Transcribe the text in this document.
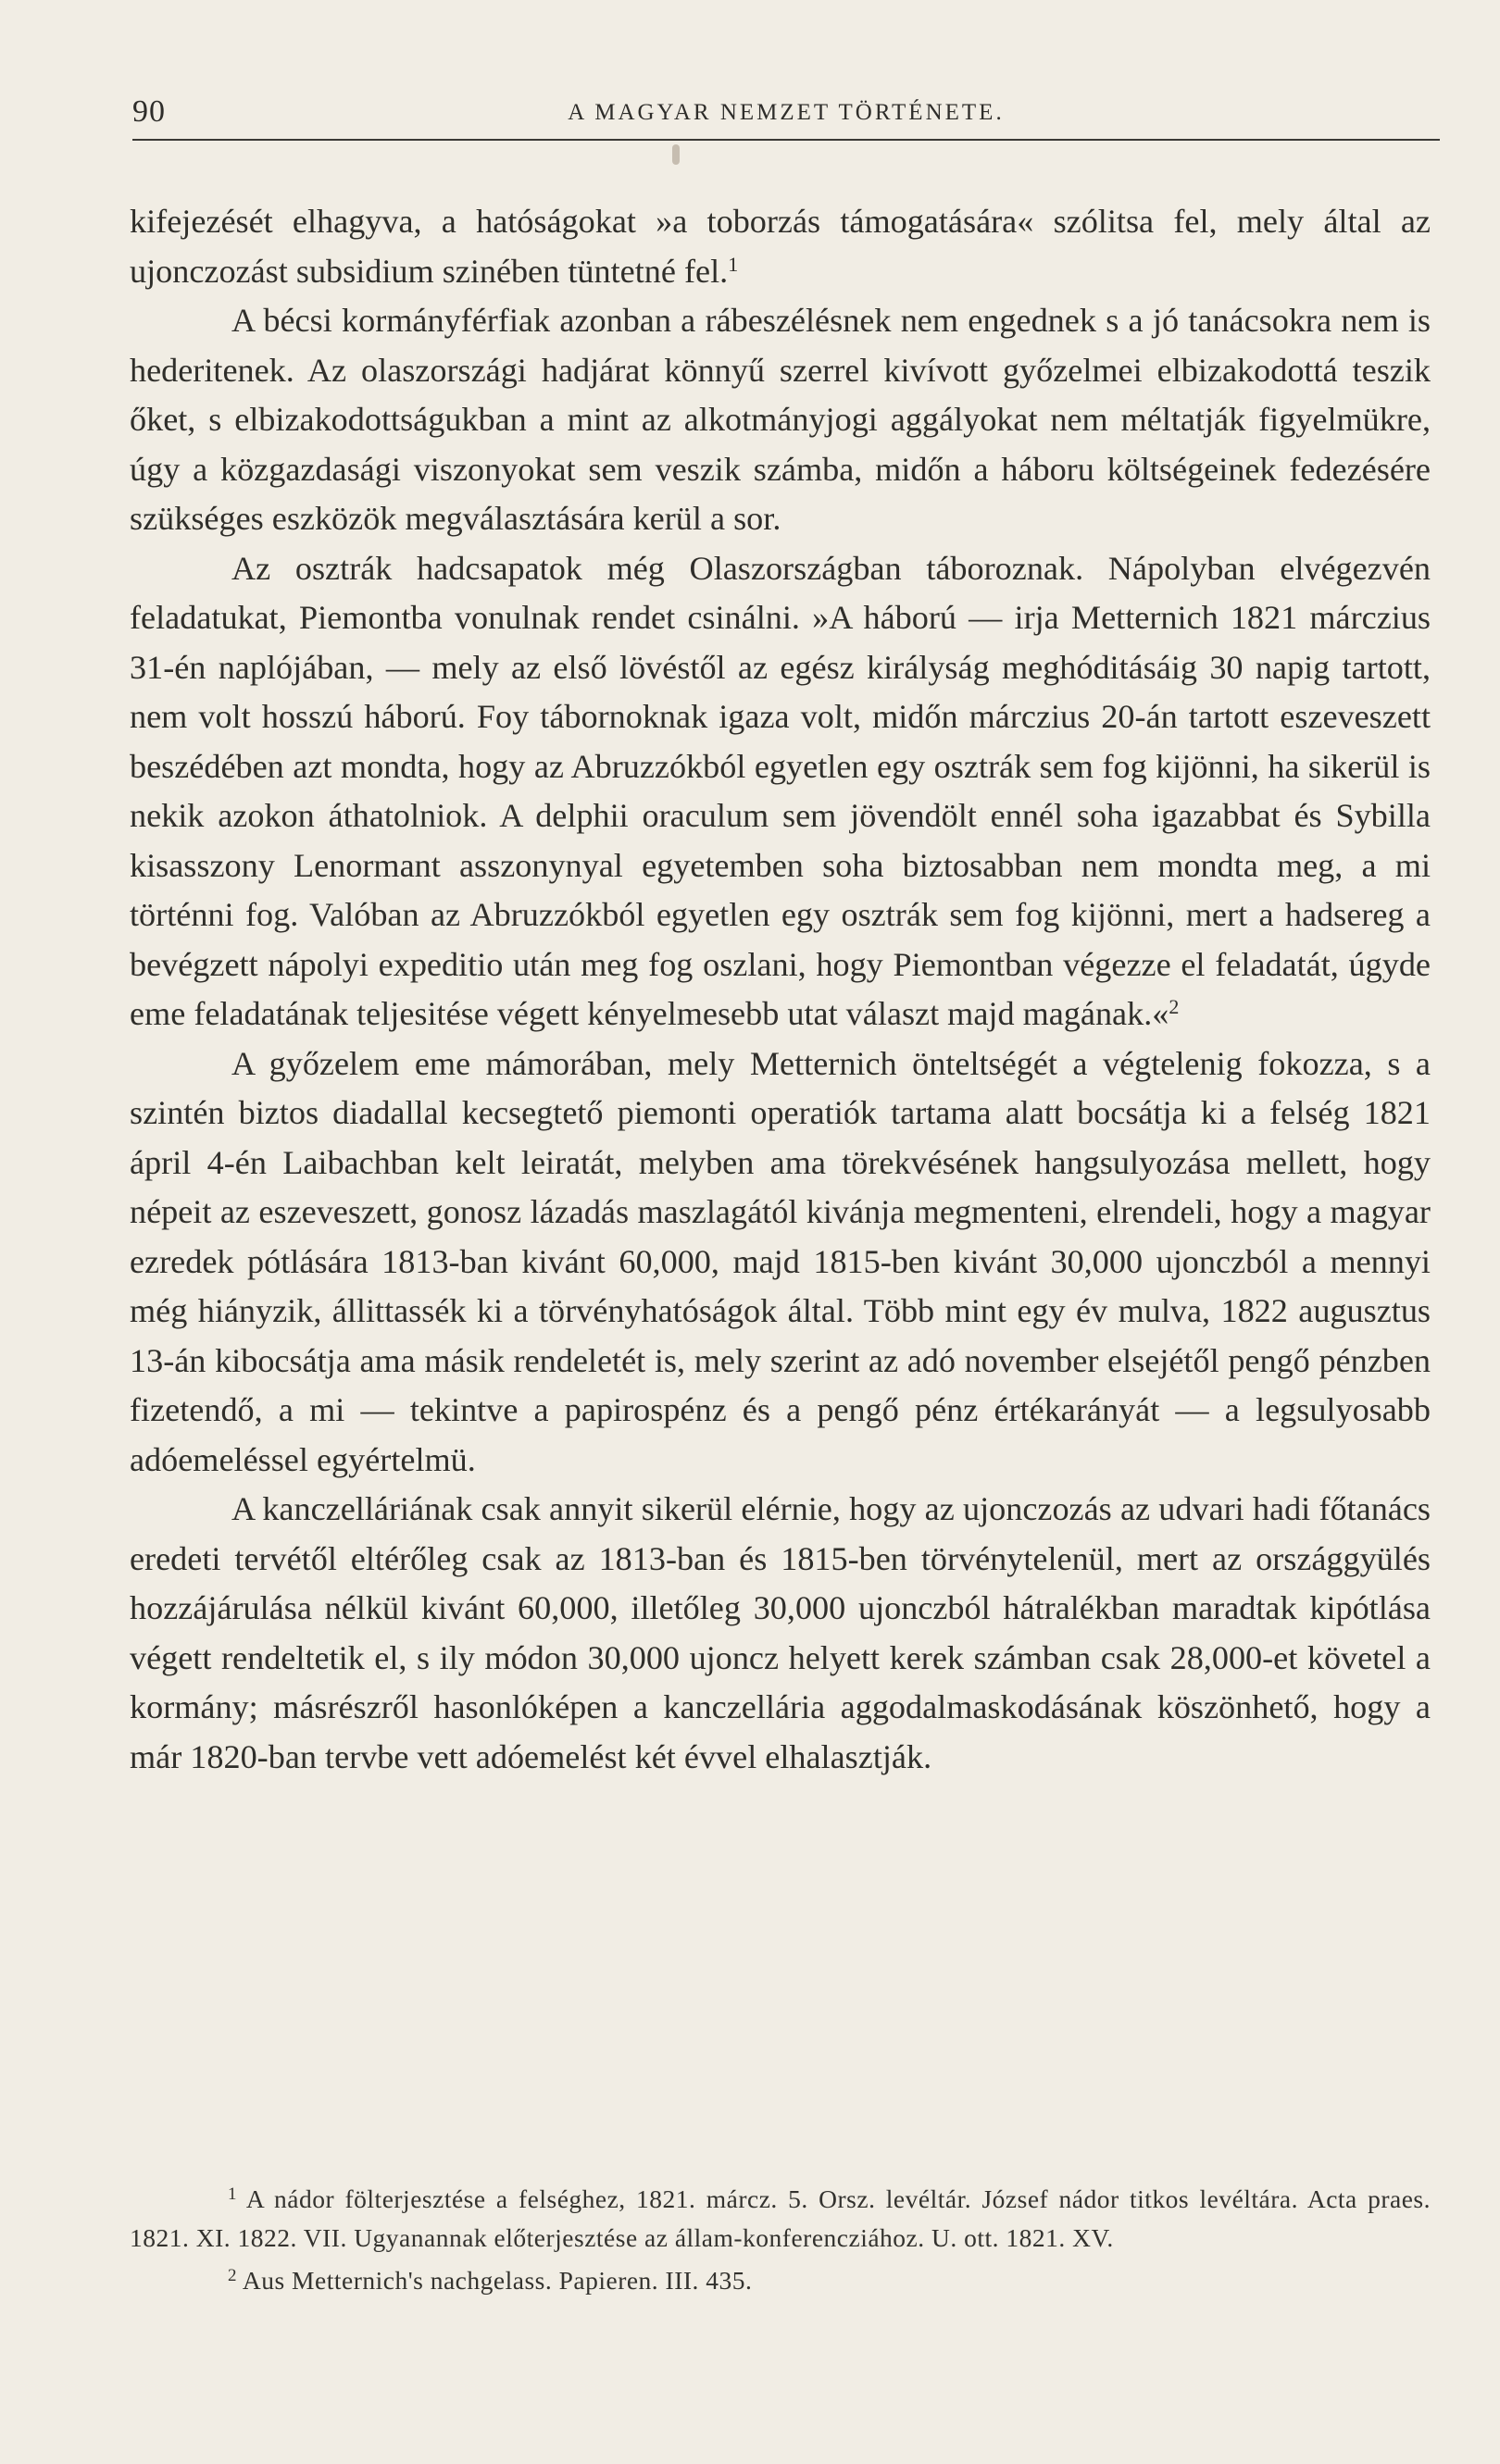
90	A MAGYAR NEMZET TÖRTÉNETE.

kifejezését elhagyva, a hatóságokat »a toborzás támogatására« szólitsa fel, mely által az ujonczozást subsidium szinében tüntetné fel.$^1$

A bécsi kormányférfiak azonban a rábeszélésnek nem engednek s a jó tanácsokra nem is hederitenek. Az olaszországi hadjárat könnyű szerrel kivívott győzelmei elbizakodottá teszik őket, s elbizakodottságukban a mint az alkotmányjogi aggályokat nem méltatják figyelmükre, úgy a közgazdasági viszonyokat sem veszik számba, midőn a háboru költségeinek fedezésére szükséges eszközök megválasztására kerül a sor.

Az osztrák hadcsapatok még Olaszországban táboroznak. Nápolyban elvégezvén feladatukat, Piemontba vonulnak rendet csinálni. »A háború — irja Metternich 1821 márczius 31-én naplójában, — mely az első lövéstől az egész királyság meghóditásáig 30 napig tartott, nem volt hosszú háború. Foy tábornoknak igaza volt, midőn márczius 20-án tartott eszeveszett beszédében azt mondta, hogy az Abruzzókból egyetlen egy osztrák sem fog kijönni, ha sikerül is nekik azokon áthatolniok. A delphii oraculum sem jövendölt ennél soha igazabbat és Sybilla kisasszony Lenormant asszonynyal egyetemben soha biztosabban nem mondta meg, a mi történni fog. Valóban az Abruzzókból egyetlen egy osztrák sem fog kijönni, mert a hadsereg a bevégzett nápolyi expeditio után meg fog oszlani, hogy Piemontban végezze el feladatát, úgyde eme feladatának teljesitése végett kényelmesebb utat választ majd magának.«$^2$

A győzelem eme mámorában, mely Metternich önteltségét a végtelenig fokozza, s a szintén biztos diadallal kecsegtető piemonti operatiók tartama alatt bocsátja ki a felség 1821 ápril 4-én Laibachban kelt leiratát, melyben ama törekvésének hangsulyozása mellett, hogy népeit az eszeveszett, gonosz lázadás maszlagától kivánja megmenteni, elrendeli, hogy a magyar ezredek pótlására 1813-ban kivánt 60,000, majd 1815-ben kivánt 30,000 ujonczból a mennyi még hiányzik, állittassék ki a törvényhatóságok által. Több mint egy év mulva, 1822 augusztus 13-án kibocsátja ama másik rendeletét is, mely szerint az adó november elsejétől pengő pénzben fizetendő, a mi — tekintve a papirospénz és a pengő pénz értékarányát — a legsulyosabb adóemeléssel egyértelmü.

A kanczelláriának csak annyit sikerül elérnie, hogy az ujonczozás az udvari hadi főtanács eredeti tervétől eltérőleg csak az 1813-ban és 1815-ben törvénytelenül, mert az országgyülés hozzájárulása nélkül kivánt 60,000, illetőleg 30,000 ujonczból hátralékban maradtak kipótlása végett rendeltetik el, s ily módon 30,000 ujoncz helyett kerek számban csak 28,000-et követel a kormány; másrészről hasonlóképen a kanczellária aggodalmaskodásának köszönhető, hogy a már 1820-ban tervbe vett adóemelést két évvel elhalasztják.

$^1$ A nádor fölterjesztése a felséghez, 1821. márcz. 5. Orsz. levéltár. József nádor titkos levéltára. Acta praes. 1821. XI. 1822. VII. Ugyanannak előterjesztése az állam-konferencziához. U. ott. 1821. XV.

$^2$ Aus Metternich's nachgelass. Papieren. III. 435.
